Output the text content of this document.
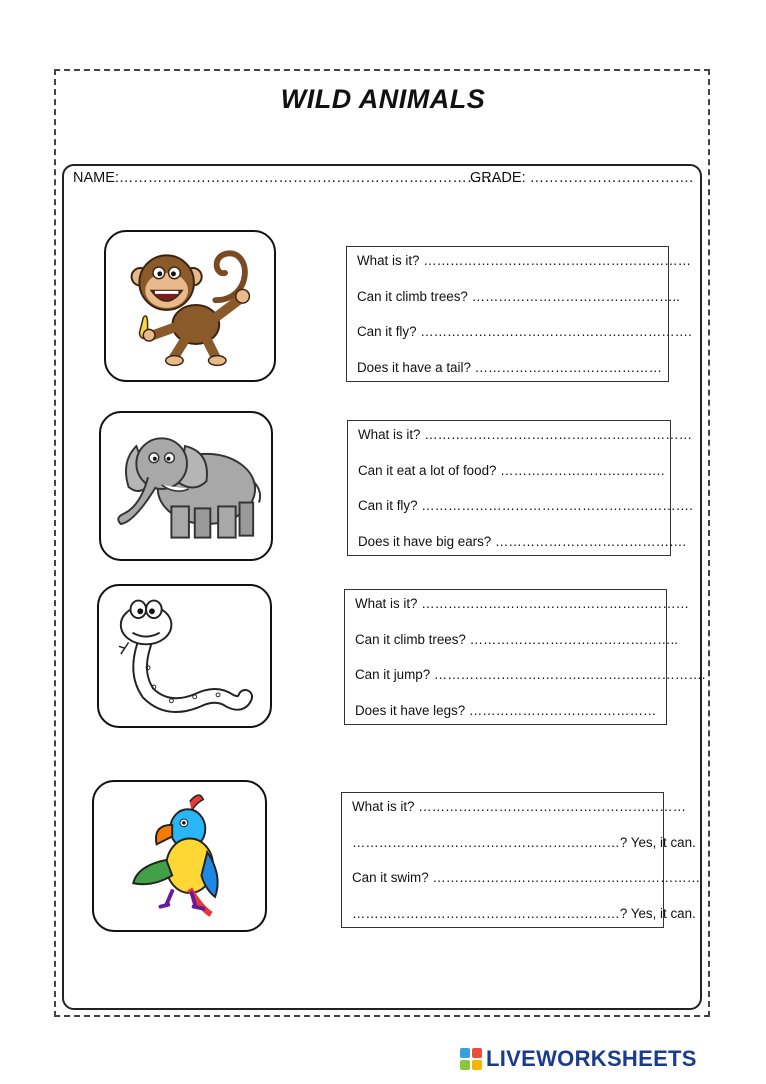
WILD ANIMALS
NAME:…………………………………………………………………….
GRADE: …………………………….
What is it? ……………………………………………………
Can it climb trees? ………………………………………..
Can it fly? …………………………………………………….
Does it have a tail? ……………………………………
What is it? ……………………………………………………
Can it eat a lot of food? ……………………………….
Can it fly? …………………………………………………….
Does it have big ears? …………………………………….
What is it? ……………………………………………………
Can it climb trees? ………………………………………..
Can it jump? …………………………………………………….
Does it have legs? ……………………………………
What is it? ……………………………………………………
……………………………………………………? Yes, it can.
Can it swim? ……………………………………………………
……………………………………………………? Yes, it can.
LIVEWORKSHEETS
